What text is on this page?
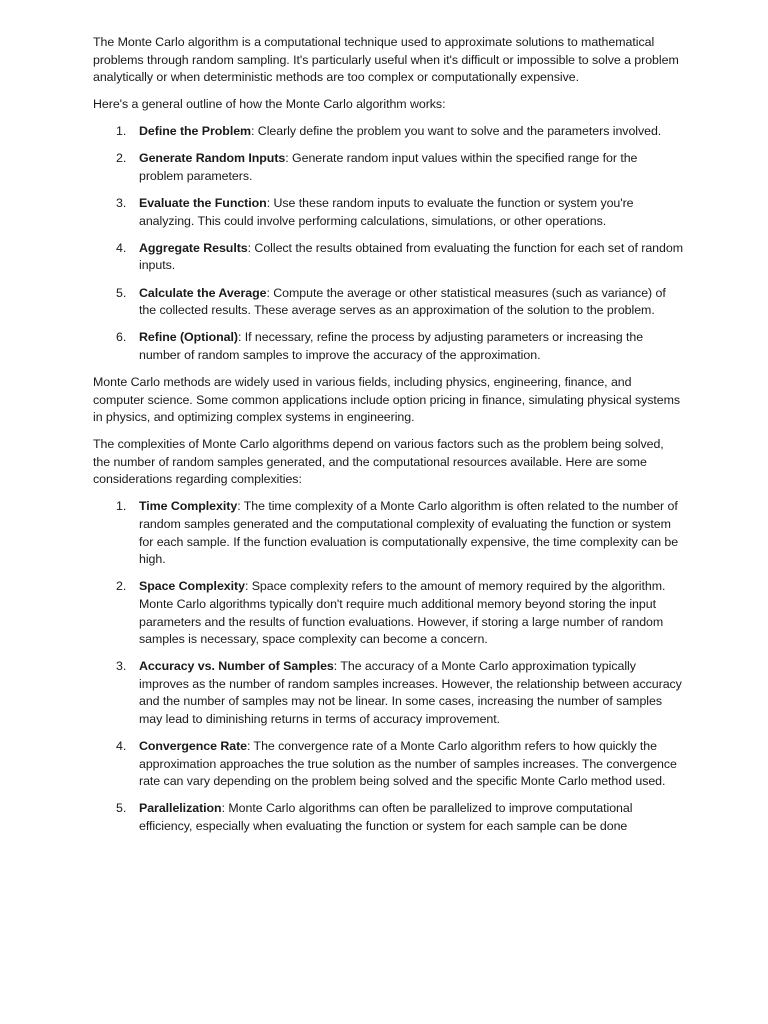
The Monte Carlo algorithm is a computational technique used to approximate solutions to mathematical problems through random sampling. It's particularly useful when it's difficult or impossible to solve a problem analytically or when deterministic methods are too complex or computationally expensive.

Here's a general outline of how the Monte Carlo algorithm works:

1. Define the Problem: Clearly define the problem you want to solve and the parameters involved.
2. Generate Random Inputs: Generate random input values within the specified range for the problem parameters.
3. Evaluate the Function: Use these random inputs to evaluate the function or system you're analyzing. This could involve performing calculations, simulations, or other operations.
4. Aggregate Results: Collect the results obtained from evaluating the function for each set of random inputs.
5. Calculate the Average: Compute the average or other statistical measures (such as variance) of the collected results. These average serves as an approximation of the solution to the problem.
6. Refine (Optional): If necessary, refine the process by adjusting parameters or increasing the number of random samples to improve the accuracy of the approximation.

Monte Carlo methods are widely used in various fields, including physics, engineering, finance, and computer science. Some common applications include option pricing in finance, simulating physical systems in physics, and optimizing complex systems in engineering.

The complexities of Monte Carlo algorithms depend on various factors such as the problem being solved, the number of random samples generated, and the computational resources available. Here are some considerations regarding complexities:

1. Time Complexity: The time complexity of a Monte Carlo algorithm is often related to the number of random samples generated and the computational complexity of evaluating the function or system for each sample. If the function evaluation is computationally expensive, the time complexity can be high.
2. Space Complexity: Space complexity refers to the amount of memory required by the algorithm. Monte Carlo algorithms typically don't require much additional memory beyond storing the input parameters and the results of function evaluations. However, if storing a large number of random samples is necessary, space complexity can become a concern.
3. Accuracy vs. Number of Samples: The accuracy of a Monte Carlo approximation typically improves as the number of random samples increases. However, the relationship between accuracy and the number of samples may not be linear. In some cases, increasing the number of samples may lead to diminishing returns in terms of accuracy improvement.
4. Convergence Rate: The convergence rate of a Monte Carlo algorithm refers to how quickly the approximation approaches the true solution as the number of samples increases. The convergence rate can vary depending on the problem being solved and the specific Monte Carlo method used.
5. Parallelization: Monte Carlo algorithms can often be parallelized to improve computational efficiency, especially when evaluating the function or system for each sample can be done
